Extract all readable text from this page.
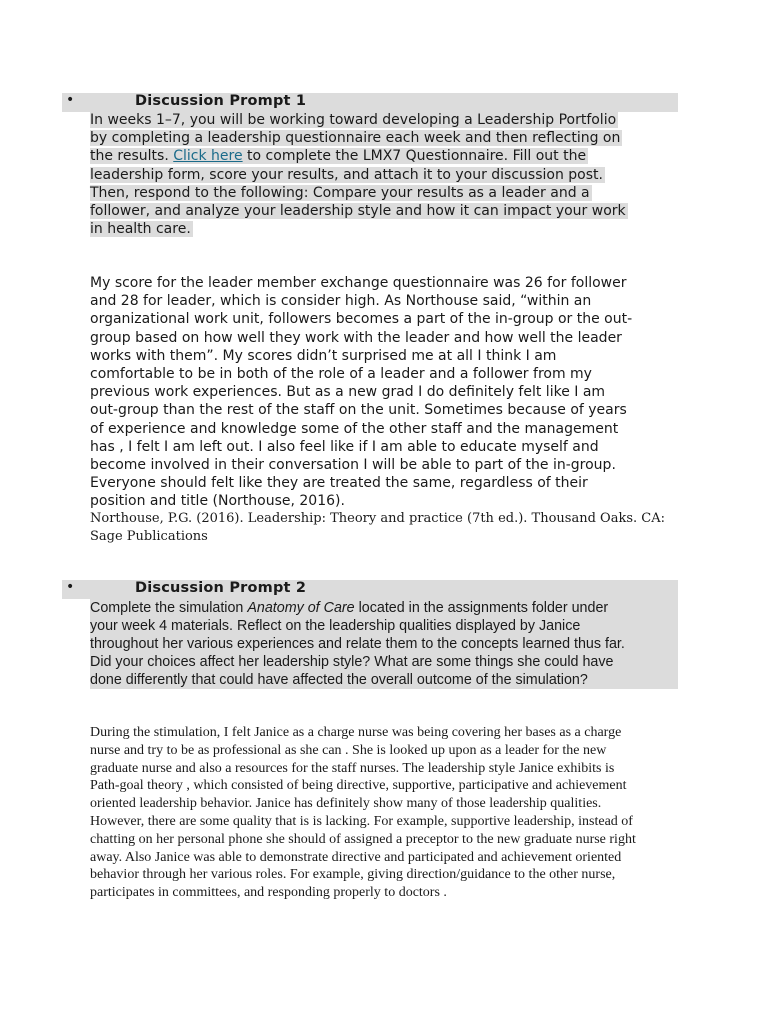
•	Discussion Prompt 1
In weeks 1–7, you will be working toward developing a Leadership Portfolio
by completing a leadership questionnaire each week and then reflecting on
the results. Click here to complete the LMX7 Questionnaire. Fill out the
leadership form, score your results, and attach it to your discussion post.
Then, respond to the following: Compare your results as a leader and a
follower, and analyze your leadership style and how it can impact your work
in health care.
My score for the leader member exchange questionnaire was 26 for follower
and 28 for leader, which is consider high. As Northouse said, “within an
organizational work unit, followers becomes a part of the in-group or the out-
group based on how well they work with the leader and how well the leader
works with them”. My scores didn’t surprised me at all I think I am
comfortable to be in both of the role of a leader and a follower from my
previous work experiences. But as a new grad I do definitely felt like I am
out-group than the rest of the staff on the unit. Sometimes because of years
of experience and knowledge some of the other staff and the management
has , I felt I am left out. I also feel like if I am able to educate myself and
become involved in their conversation I will be able to part of the in-group.
Everyone should felt like they are treated the same, regardless of their
position and title (Northouse, 2016).
Northouse, P.G. (2016). Leadership: Theory and practice (7th ed.). Thousand Oaks. CA:
Sage Publications
•	Discussion Prompt 2
Complete the simulation Anatomy of Care located in the assignments folder under
your week 4 materials. Reflect on the leadership qualities displayed by Janice
throughout her various experiences and relate them to the concepts learned thus far.
Did your choices affect her leadership style? What are some things she could have
done differently that could have affected the overall outcome of the simulation?
During the stimulation, I felt Janice as a charge nurse was being covering her bases as a charge
nurse and try to be as professional as she can . She is looked up upon as a leader for the new
graduate nurse and also a resources for the staff nurses. The leadership style Janice exhibits is
Path-goal theory , which consisted of being directive, supportive, participative and achievement
oriented leadership behavior. Janice has definitely show many of those leadership qualities.
However, there are some quality that is is lacking. For example, supportive leadership, instead of
chatting on her personal phone she should of assigned a preceptor to the new graduate nurse right
away. Also Janice was able to demonstrate directive and participated and achievement oriented
behavior through her various roles. For example, giving direction/guidance to the other nurse,
participates in committees, and responding properly to doctors .
